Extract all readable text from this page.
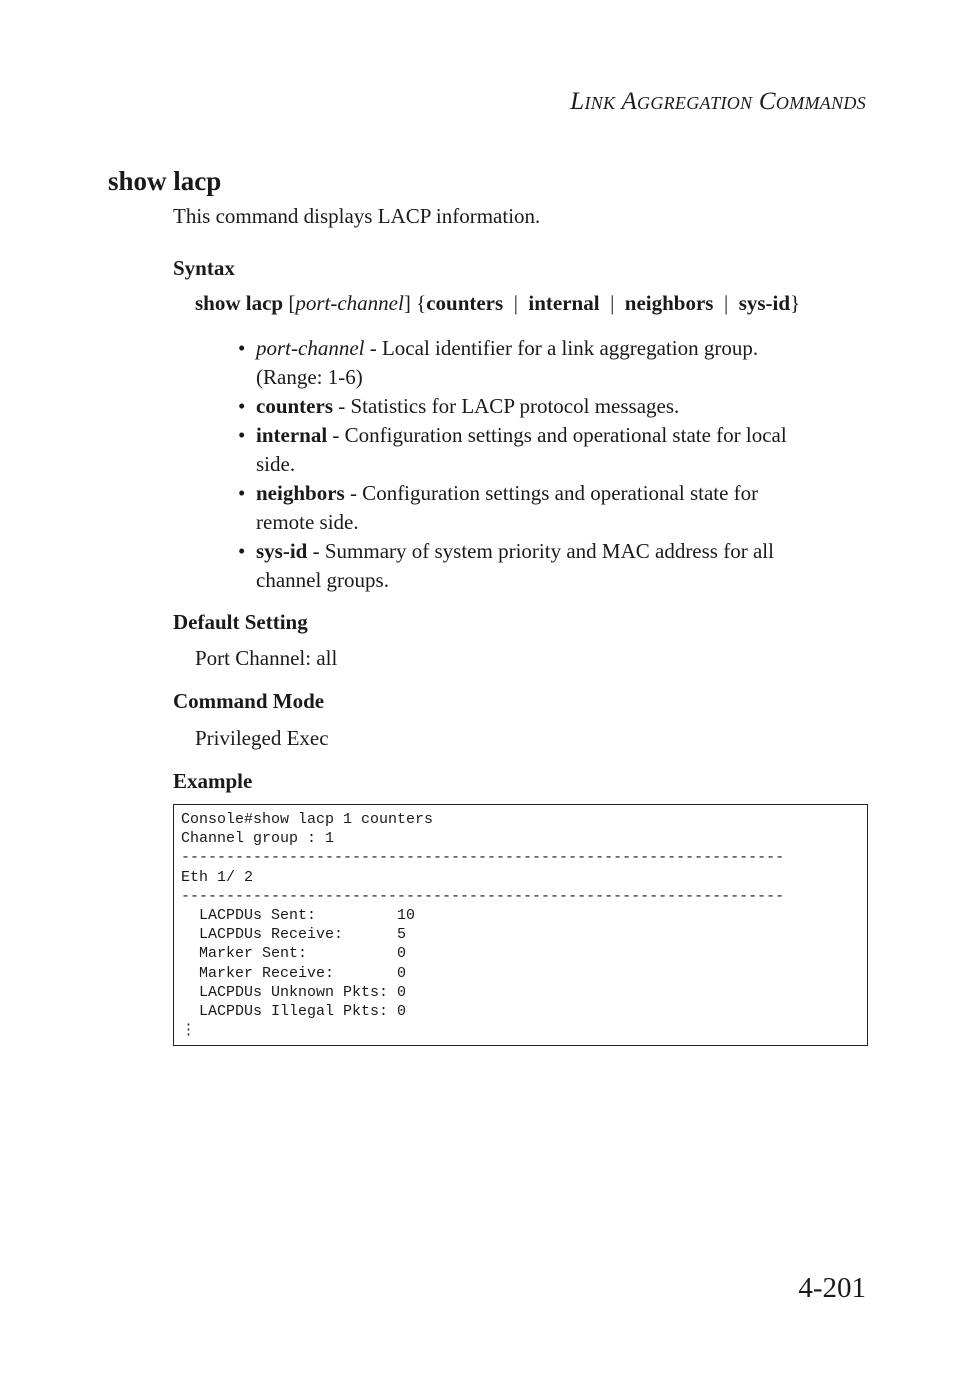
LINK AGGREGATION COMMANDS
show lacp
This command displays LACP information.
Syntax
show lacp [port-channel] {counters | internal | neighbors | sys-id}
• port-channel - Local identifier for a link aggregation group.
(Range: 1-6)
• counters - Statistics for LACP protocol messages.
• internal - Configuration settings and operational state for local
side.
• neighbors - Configuration settings and operational state for
remote side.
• sys-id - Summary of system priority and MAC address for all
channel groups.
Default Setting
Port Channel: all
Command Mode
Privileged Exec
Example
Console#show lacp 1 counters
Channel group : 1
-------------------------------------------------------------------
Eth 1/ 2
-------------------------------------------------------------------
LACPDUs Sent:         10
LACPDUs Receive:      5
Marker Sent:          0
Marker Receive:       0
LACPDUs Unknown Pkts: 0
LACPDUs Illegal Pkts: 0
⋮
4-201
